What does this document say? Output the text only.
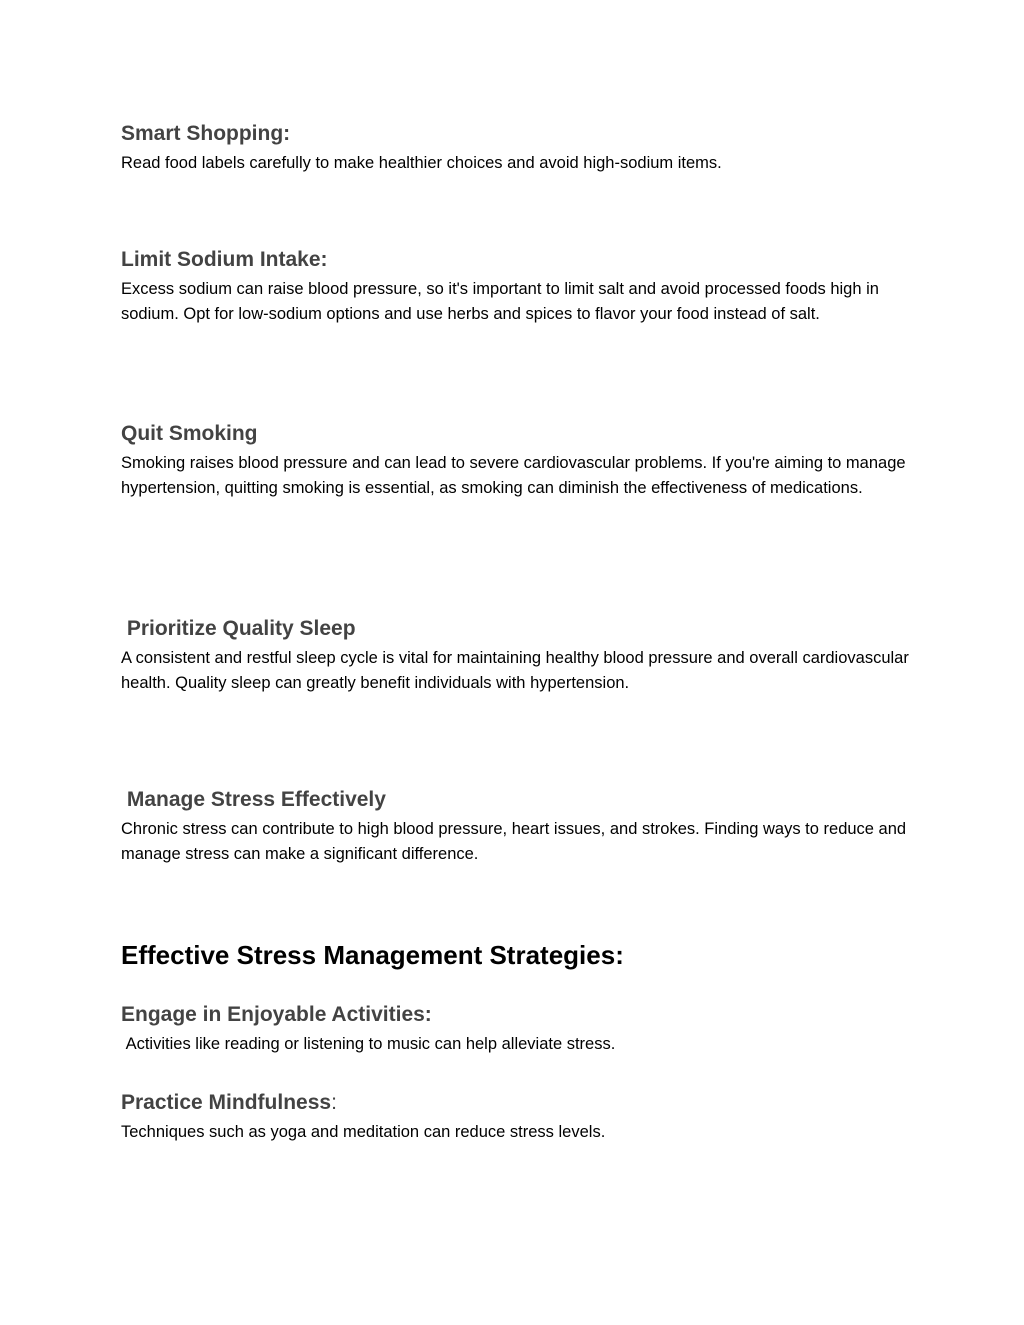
Smart Shopping:
Read food labels carefully to make healthier choices and avoid high-sodium items.
Limit Sodium Intake:
Excess sodium can raise blood pressure, so it's important to limit salt and avoid processed foods high in sodium. Opt for low-sodium options and use herbs and spices to flavor your food instead of salt.
Quit Smoking
Smoking raises blood pressure and can lead to severe cardiovascular problems. If you're aiming to manage hypertension, quitting smoking is essential, as smoking can diminish the effectiveness of medications.
Prioritize Quality Sleep
A consistent and restful sleep cycle is vital for maintaining healthy blood pressure and overall cardiovascular health. Quality sleep can greatly benefit individuals with hypertension.
Manage Stress Effectively
Chronic stress can contribute to high blood pressure, heart issues, and strokes. Finding ways to reduce and manage stress can make a significant difference.
Effective Stress Management Strategies:
Engage in Enjoyable Activities:
Activities like reading or listening to music can help alleviate stress.
Practice Mindfulness:
Techniques such as yoga and meditation can reduce stress levels.
